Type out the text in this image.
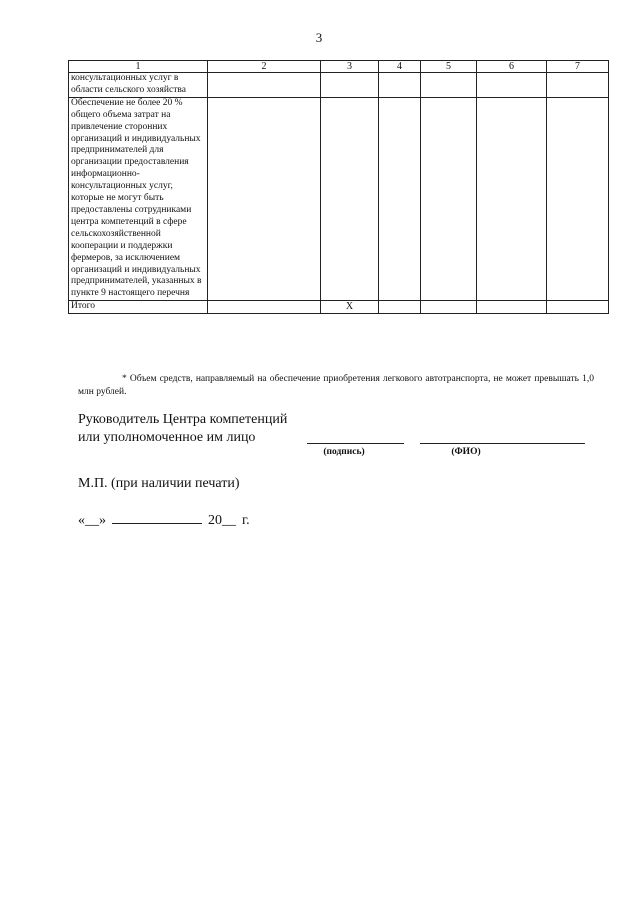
3
1	2	3	4	5	6	7
консультационных услуг в области сельского хозяйства						
Обеспечение не более 20 % общего объема затрат на привлечение сторонних организаций и индивидуальных предпринимателей для организации предоставления информационно-консультационных услуг, которые не могут быть предоставлены сотрудниками центра компетенций в сфере сельскохозяйственной кооперации и поддержки фермеров, за исключением организаций и индивидуальных предпринимателей, указанных в пункте 9 настоящего перечня						
Итого		X				
* Объем средств, направляемый на обеспечение приобретения легкового автотранспорта, не может превышать 1,0 млн рублей.
Руководитель Центра компетенций
или уполномоченное им лицо
(подпись)	(ФИО)
М.П. (при наличии печати)
«__»	20__ г.
